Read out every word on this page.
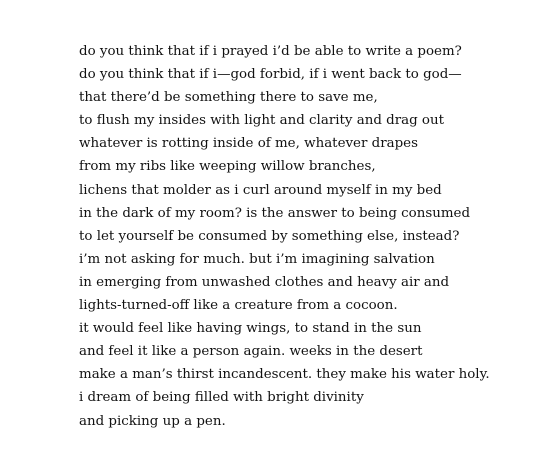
do you think that if i prayed i’d be able to write a poem?
do you think that if i—god forbid, if i went back to god—
that there’d be something there to save me,
to flush my insides with light and clarity and drag out
whatever is rotting inside of me, whatever drapes
from my ribs like weeping willow branches,
lichens that molder as i curl around myself in my bed
in the dark of my room? is the answer to being consumed
to let yourself be consumed by something else, instead?
i’m not asking for much. but i’m imagining salvation
in emerging from unwashed clothes and heavy air and
lights-turned-off like a creature from a cocoon.
it would feel like having wings, to stand in the sun
and feel it like a person again. weeks in the desert
make a man’s thirst incandescent. they make his water holy.
i dream of being filled with bright divinity
and picking up a pen.
